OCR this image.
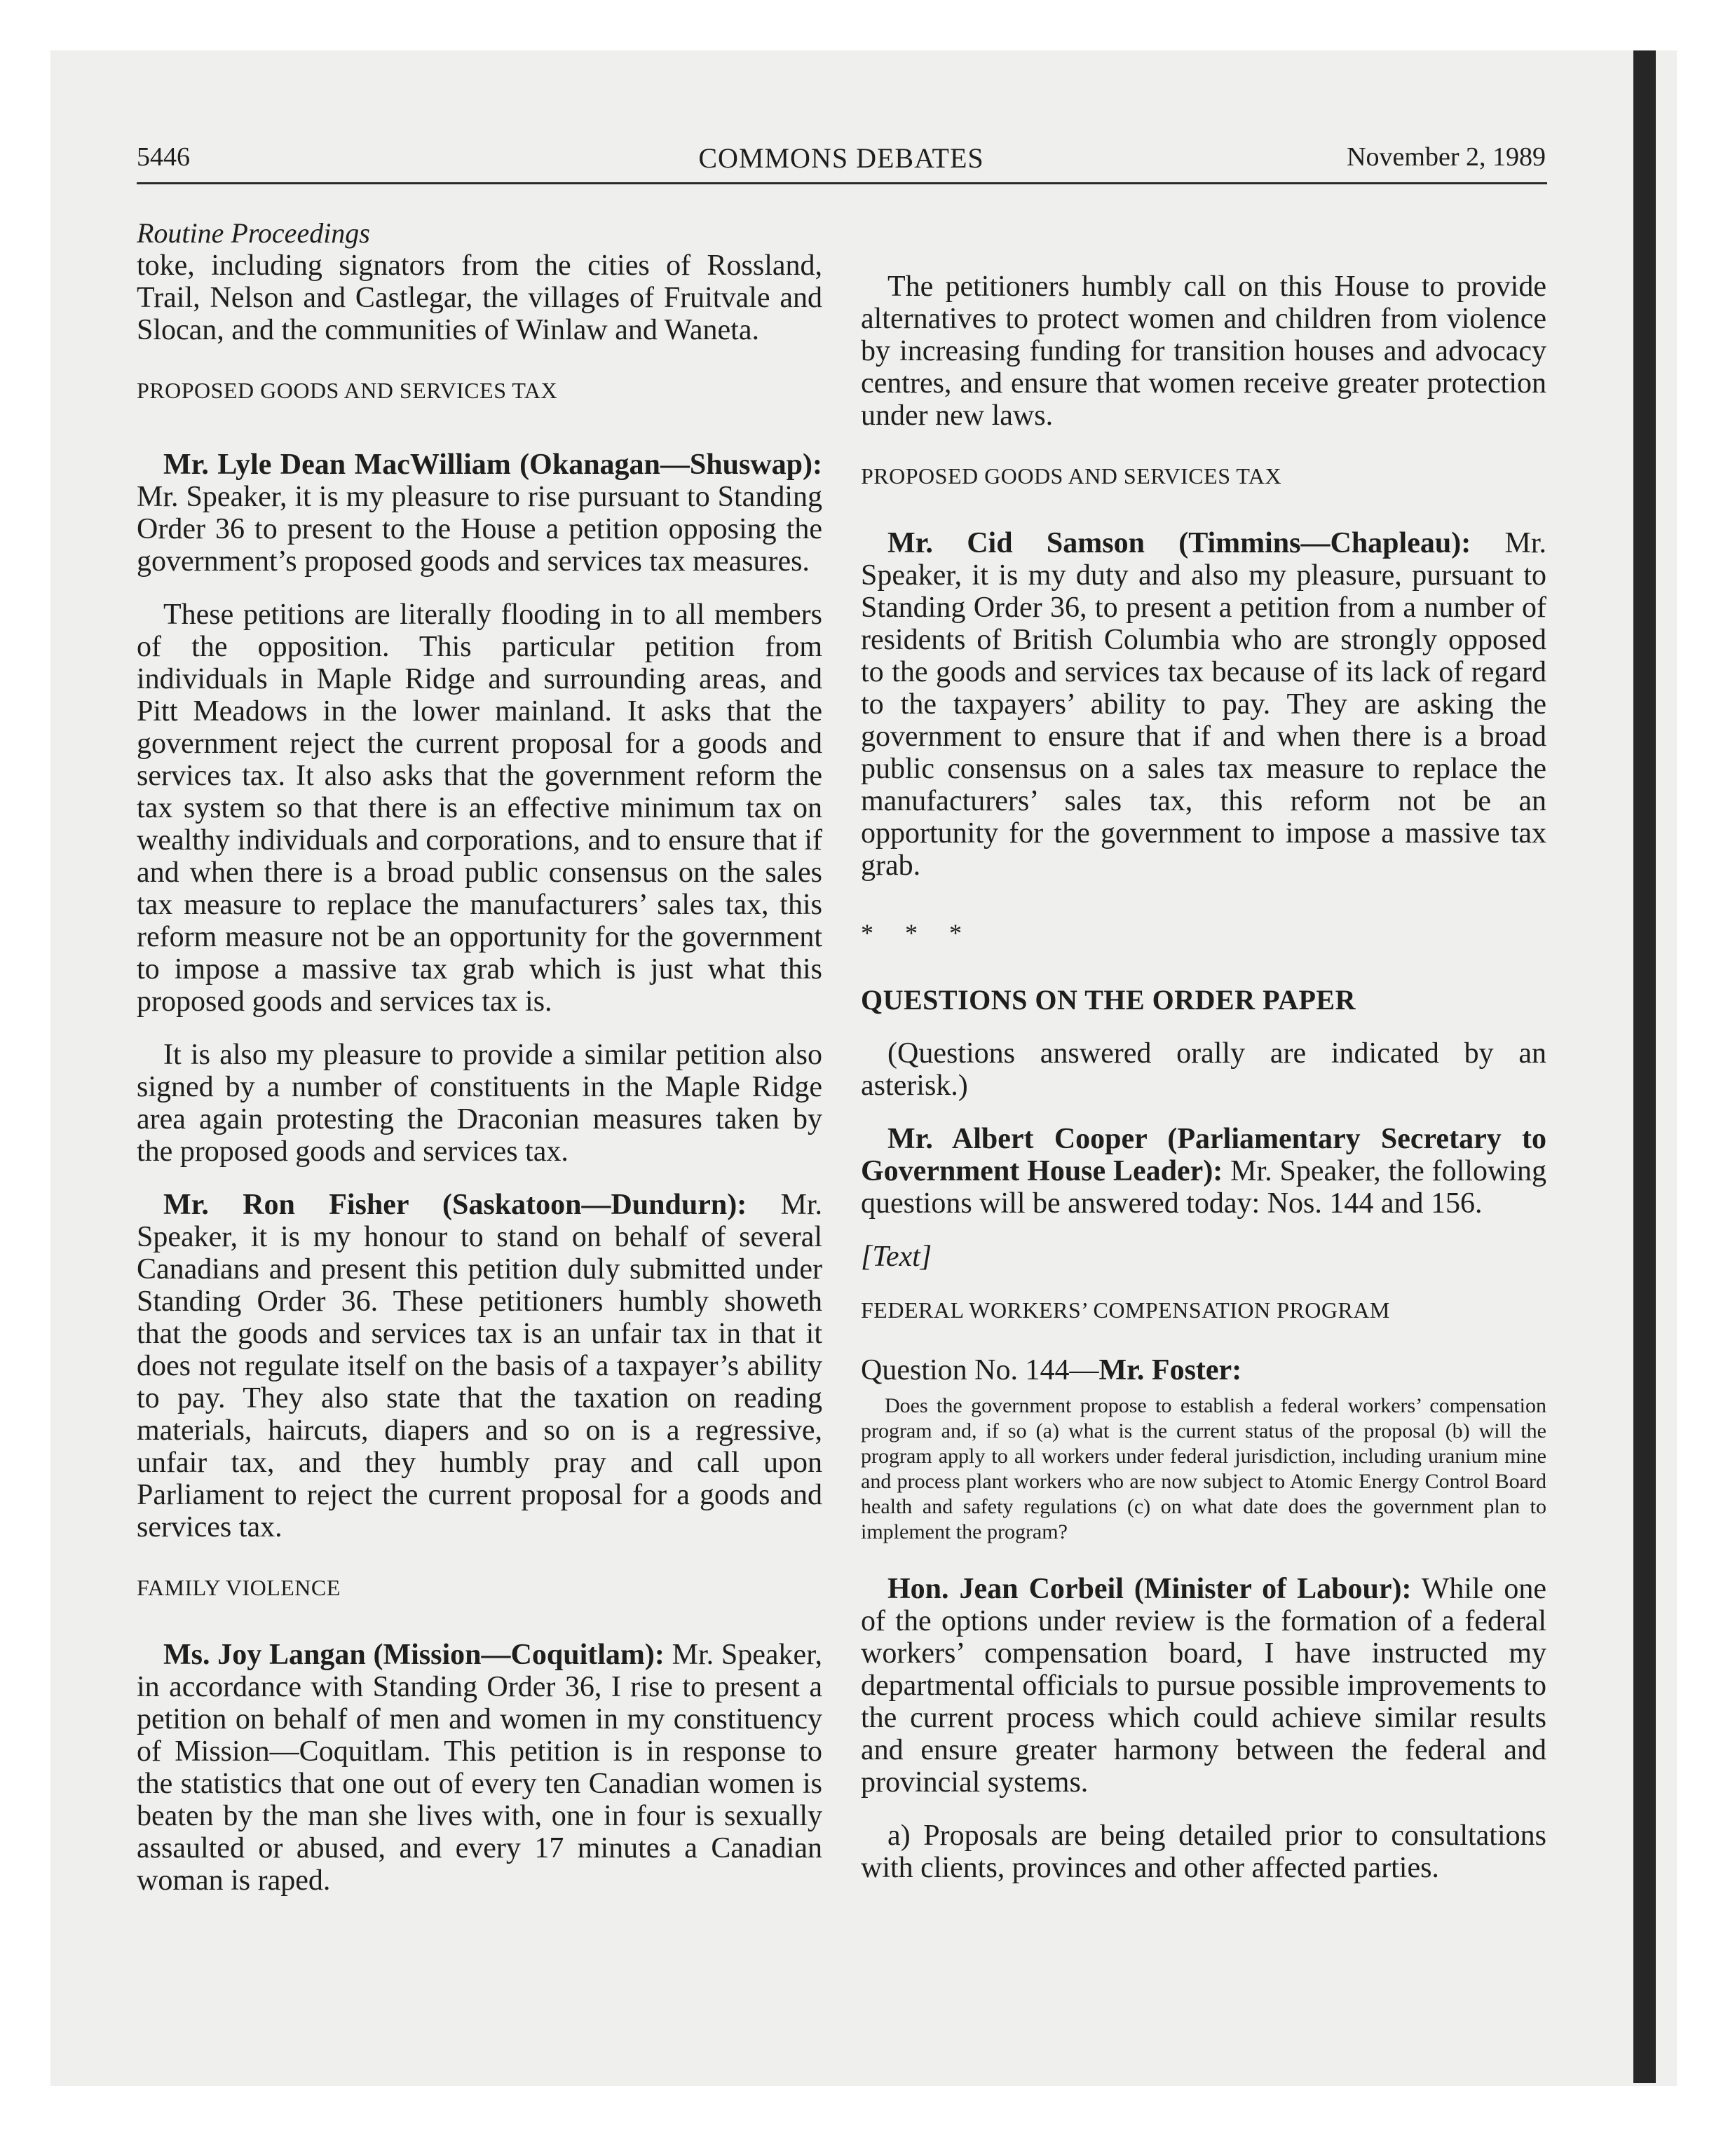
5446	COMMONS DEBATES	November 2, 1989

Routine Proceedings

toke, including signators from the cities of Rossland, Trail, Nelson and Castlegar, the villages of Fruitvale and Slocan, and the communities of Winlaw and Waneta.

PROPOSED GOODS AND SERVICES TAX

Mr. Lyle Dean MacWilliam (Okanagan—Shuswap): Mr. Speaker, it is my pleasure to rise pursuant to Standing Order 36 to present to the House a petition opposing the government’s proposed goods and services tax measures.

These petitions are literally flooding in to all members of the opposition. This particular petition from individuals in Maple Ridge and surrounding areas, and Pitt Meadows in the lower mainland. It asks that the government reject the current proposal for a goods and services tax. It also asks that the government reform the tax system so that there is an effective minimum tax on wealthy individuals and corporations, and to ensure that if and when there is a broad public consensus on the sales tax measure to replace the manufacturers’ sales tax, this reform measure not be an opportunity for the government to impose a massive tax grab which is just what this proposed goods and services tax is.

It is also my pleasure to provide a similar petition also signed by a number of constituents in the Maple Ridge area again protesting the Draconian measures taken by the proposed goods and services tax.

Mr. Ron Fisher (Saskatoon—Dundurn): Mr. Speaker, it is my honour to stand on behalf of several Canadians and present this petition duly submitted under Standing Order 36. These petitioners humbly showeth that the goods and services tax is an unfair tax in that it does not regulate itself on the basis of a taxpayer’s ability to pay. They also state that the taxation on reading materials, haircuts, diapers and so on is a regressive, unfair tax, and they humbly pray and call upon Parliament to reject the current proposal for a goods and services tax.

FAMILY VIOLENCE

Ms. Joy Langan (Mission—Coquitlam): Mr. Speaker, in accordance with Standing Order 36, I rise to present a petition on behalf of men and women in my constituency of Mission—Coquitlam. This petition is in response to the statistics that one out of every ten Canadian women is beaten by the man she lives with, one in four is sexually assaulted or abused, and every 17 minutes a Canadian woman is raped.

The petitioners humbly call on this House to provide alternatives to protect women and children from violence by increasing funding for transition houses and advocacy centres, and ensure that women receive greater protection under new laws.

PROPOSED GOODS AND SERVICES TAX

Mr. Cid Samson (Timmins—Chapleau): Mr. Speaker, it is my duty and also my pleasure, pursuant to Standing Order 36, to present a petition from a number of residents of British Columbia who are strongly opposed to the goods and services tax because of its lack of regard to the taxpayers’ ability to pay. They are asking the government to ensure that if and when there is a broad public consensus on a sales tax measure to replace the manufacturers’ sales tax, this reform not be an opportunity for the government to impose a massive tax grab.

* * *

QUESTIONS ON THE ORDER PAPER

(Questions answered orally are indicated by an asterisk.)

Mr. Albert Cooper (Parliamentary Secretary to Government House Leader): Mr. Speaker, the following questions will be answered today: Nos. 144 and 156.

[Text]

FEDERAL WORKERS’ COMPENSATION PROGRAM

Question No. 144—Mr. Foster:

Does the government propose to establish a federal workers’ compensation program and, if so (a) what is the current status of the proposal (b) will the program apply to all workers under federal jurisdiction, including uranium mine and process plant workers who are now subject to Atomic Energy Control Board health and safety regulations (c) on what date does the government plan to implement the program?

Hon. Jean Corbeil (Minister of Labour): While one of the options under review is the formation of a federal workers’ compensation board, I have instructed my departmental officials to pursue possible improvements to the current process which could achieve similar results and ensure greater harmony between the federal and provincial systems.

a) Proposals are being detailed prior to consultations with clients, provinces and other affected parties.
